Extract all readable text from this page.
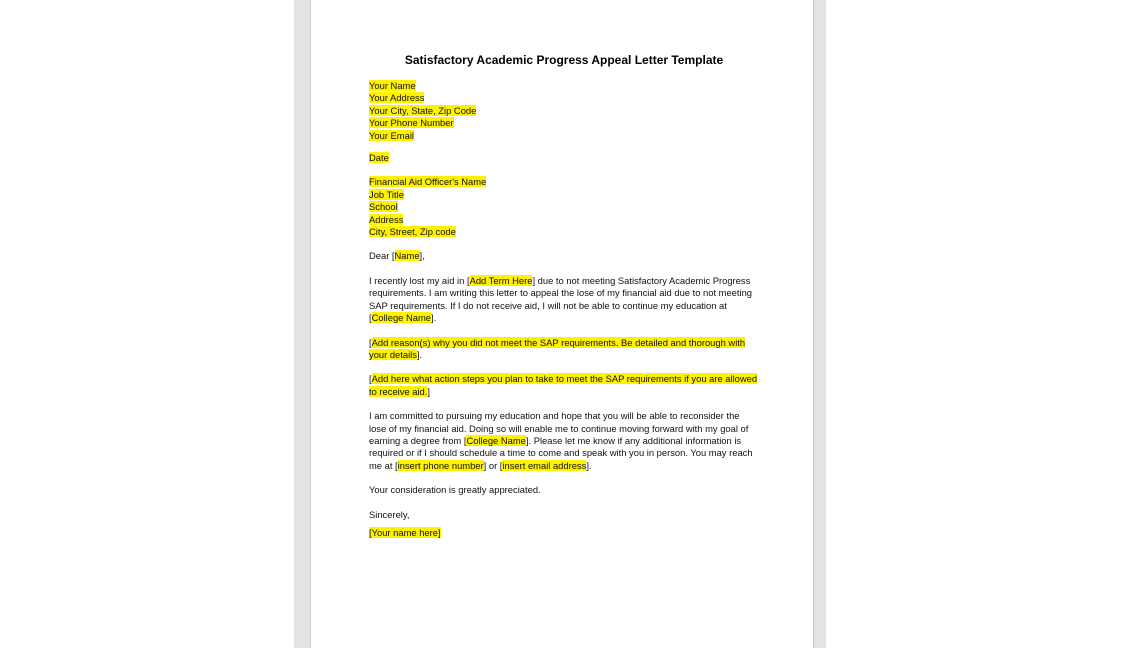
Satisfactory Academic Progress Appeal Letter Template
Your Name
Your Address
Your City, State, Zip Code
Your Phone Number
Your Email
Date
Financial Aid Officer's Name
Job Title
School
Address
City, Street, Zip code

Dear [Name],

I recently lost my aid in [Add Term Here] due to not meeting Satisfactory Academic Progress requirements. I am writing this letter to appeal the lose of my financial aid due to not meeting SAP requirements. If I do not receive aid, I will not be able to continue my education at [College Name].

[Add reason(s) why you did not meet the SAP requirements. Be detailed and thorough with your details].

[Add here what action steps you plan to take to meet the SAP requirements if you are allowed to receive aid.]

I am committed to pursuing my education and hope that you will be able to reconsider the lose of my financial aid. Doing so will enable me to continue moving forward with my goal of earning a degree from [College Name]. Please let me know if any additional information is required or if I should schedule a time to come and speak with you in person. You may reach me at [insert phone number] or [insert email address].

Your consideration is greatly appreciated.

Sincerely,

[Your name here]
